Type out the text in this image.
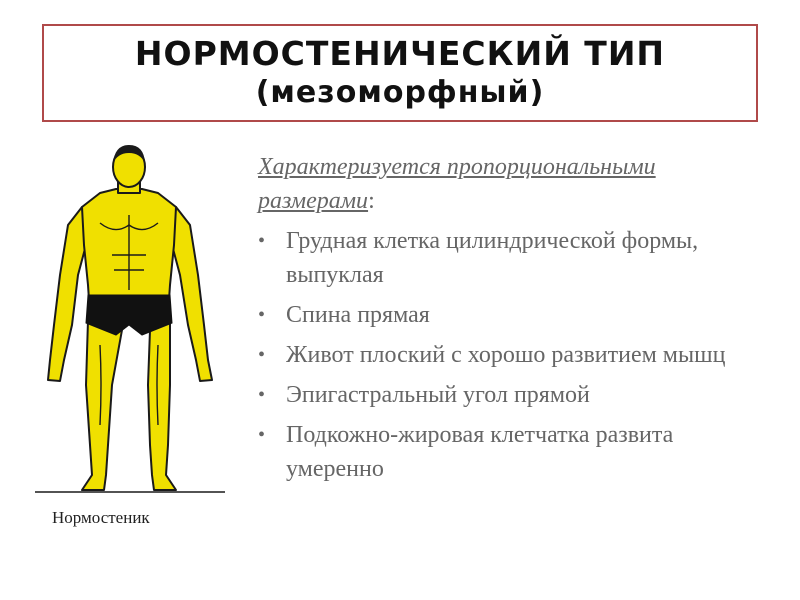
НОРМОСТЕНИЧЕСКИЙ ТИП
(мезоморфный)
Нормостеник

Характеризуется пропорциональными размерами:

• Грудная клетка цилиндрической формы, выпуклая
• Спина прямая
• Живот плоский с хорошо развитием мышц
• Эпигастральный угол прямой
• Подкожно-жировая клетчатка развита умеренно
